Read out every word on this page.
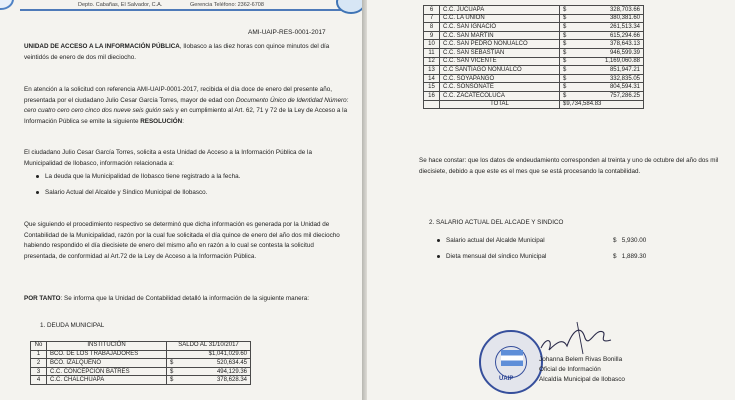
Depto. Cabañas, El Salvador, C.A.	Gerencia Teléfono: 2362-6708
AMI-UAIP-RES-0001-2017

UNIDAD DE ACCESO A LA INFORMACIÓN PÚBLICA, Ilobasco a las diez horas con quince minutos del día veintidós de enero de dos mil dieciocho.

En atención a la solicitud con referencia AMI-UAIP-0001-2017, recibida el día doce de enero del presente año, presentada por el ciudadano Julio Cesar García Torres, mayor de edad con Documento Único de Identidad Número: cero cuatro cero cero cinco dos nueve seis guión seis y en cumplimiento al Art. 62, 71 y 72 de la Ley de Acceso a la Información Pública se emite la siguiente RESOLUCIÓN:

El ciudadano Julio Cesar García Torres, solicita a esta Unidad de Acceso a la Información Pública de la Municipalidad de Ilobasco, información relacionada a:

La deuda que la Municipalidad de Ilobasco tiene registrado a la fecha.
Salario Actual del Alcalde y Síndico Municipal de Ilobasco.

Que siguiendo el procedimiento respectivo se determinó que dicha información es generada por la Unidad de Contabilidad de la Municipalidad, razón por la cual fue solicitada el día quince de enero del año dos mil dieciocho habiendo respondido el día diecisiete de enero del mismo año en razón a lo cual se contesta la solicitud presentada, de conformidad al Art.72 de la Ley de Acceso a la Información Pública.

POR TANTO: Se informa que la Unidad de Contabilidad detalló la información de la siguiente manera:

1. DEUDA MUNICIPAL
No	INSTITUCIÓN	SALDO AL 31/10/2017
1	BCO. DE LOS TRABAJADORES	$1,041,029.60

2	BCO. IZALQUEÑO	$ 520,634.45

3	C.C. CONCEPCIÓN BATRES	$ 494,129.36

4	C.C. CHALCHUAPA	$ 378,628.34
6	C.C. JUCUAPA	$ 328,703.66

7	C.C. LA UNION	$ 380,381.60

8	C.C. SAN IGNACIO	$ 261,513.34

9	C.C. SAN MARTIN	$ 615,294.66

10	C.C. SAN PEDRO NONUALCO	$ 378,643.13

11	C.C. SAN SEBASTIAN	$ 946,599.39

12	C.C. SAN VICENTE	$ 1,169,060.88

13	C.C SANTIAGO NONUALCO	$ 851,947.21

14	C.C. SOYAPANGO	$ 332,835.05

15	C.C. SONSONATE	$ 804,594.31

16	C.C. ZACATECOLUCA	$ 757,286.25

	TOTAL	$9,734,584.83

Se hace constar: que los datos de endeudamiento corresponden al treinta y uno de octubre del año dos mil diecisiete, debido a que este es el mes que se está procesando la contabilidad.

2. SALARIO ACTUAL DEL ALCADE Y SINDICO
Salario actual del Alcalde Municipal	$ 5,930.00
Dieta mensual del síndico Municipal	$ 1,889.30
UAIP
Johanna Belem Rivas Bonilla
Oficial de Información
Alcaldía Municipal de Ilobasco
